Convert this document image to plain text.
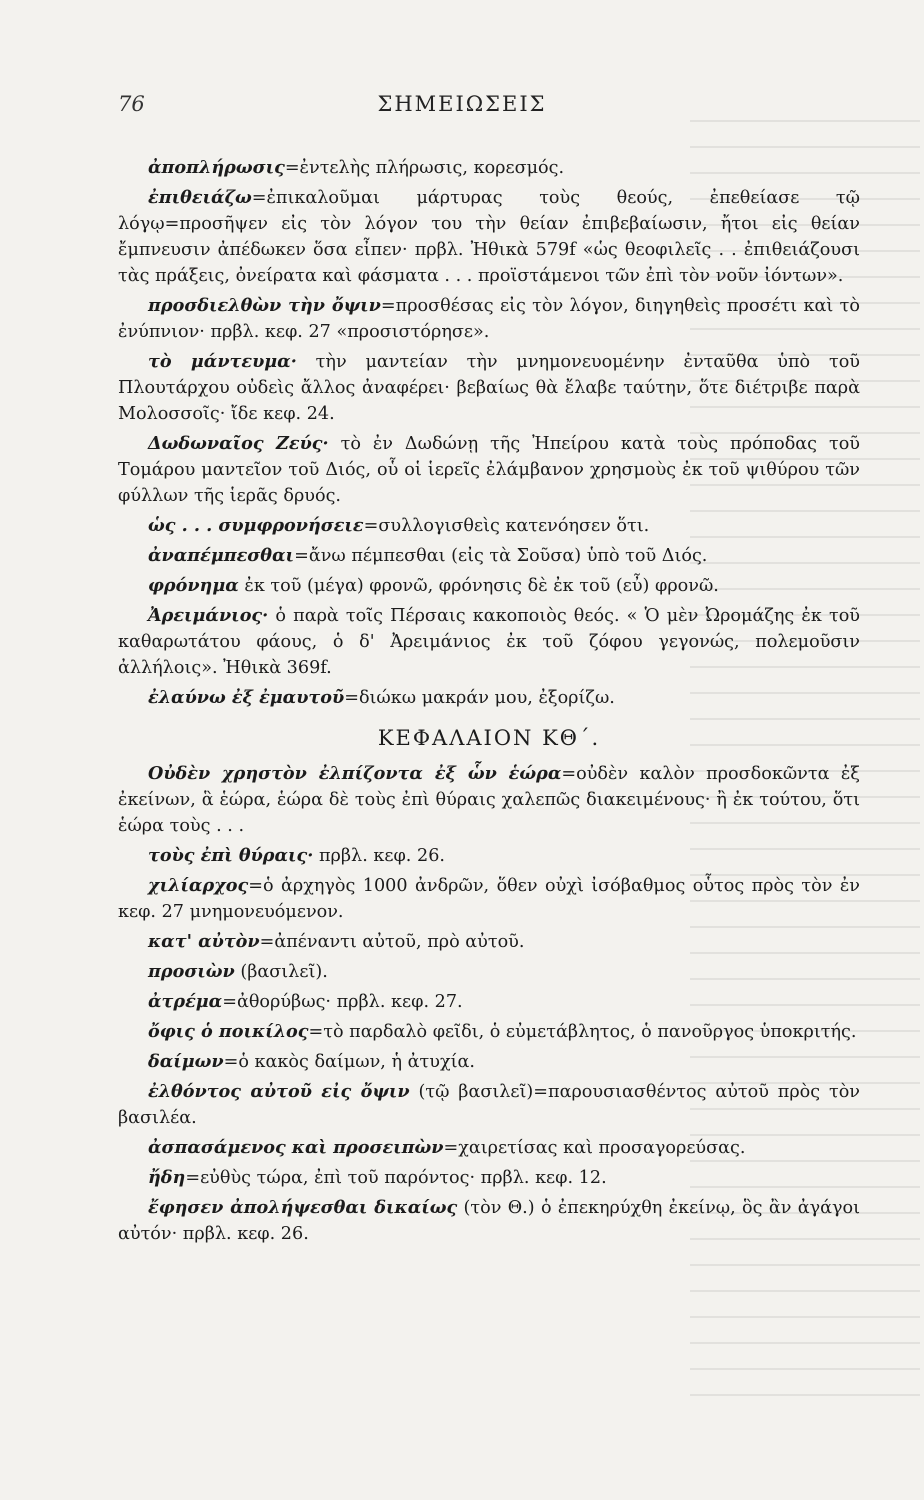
76	ΣΗΜΕΙΩΣΕΙΣ

ἀποπλήρωσις=ἐντελὴς πλήρωσις, κορεσμός.

ἐπιθειάζω=ἐπικαλοῦμαι μάρτυρας τοὺς θεούς, ἐπεθείασε τῷ λόγῳ=προσῆψεν εἰς τὸν λόγον του τὴν θείαν ἐπιβεβαίωσιν, ἤτοι εἰς θείαν ἔμπνευσιν ἀπέδωκεν ὅσα εἶπεν· πρβλ. Ἠθικὰ 579f «ὡς θεοφιλεῖς . . ἐπιθειάζουσι τὰς πράξεις, ὀνείρατα καὶ φάσματα . . . προϊστάμενοι τῶν ἐπὶ τὸν νοῦν ἰόντων».

προσδιελθὼν τὴν ὄψιν=προσθέσας εἰς τὸν λόγον, διηγηθεὶς προσέτι καὶ τὸ ἐνύπνιον· πρβλ. κεφ. 27 «προσιστόρησε».

τὸ μάντευμα· τὴν μαντείαν τὴν μνημονευομένην ἐνταῦθα ὑπὸ τοῦ Πλουτάρχου οὐδεὶς ἄλλος ἀναφέρει· βεβαίως θὰ ἔλαβε ταύτην, ὅτε διέτριβε παρὰ Μολοσσοῖς· ἴδε κεφ. 24.

Δωδωναῖος Ζεύς· τὸ ἐν Δωδώνῃ τῆς Ἠπείρου κατὰ τοὺς πρόποδας τοῦ Τομάρου μαντεῖον τοῦ Διός, οὗ οἱ ἱερεῖς ἐλάμβανον χρησμοὺς ἐκ τοῦ ψιθύρου τῶν φύλλων τῆς ἱερᾶς δρυός.

ὡς . . . συμφρονήσειε=συλλογισθεὶς κατενόησεν ὅτι.

ἀναπέμπεσθαι=ἄνω πέμπεσθαι (εἰς τὰ Σοῦσα) ὑπὸ τοῦ Διός.

φρόνημα ἐκ τοῦ (μέγα) φρονῶ, φρόνησις δὲ ἐκ τοῦ (εὖ) φρονῶ.

Ἀρειμάνιος· ὁ παρὰ τοῖς Πέρσαις κακοποιὸς θεός. « Ὁ μὲν Ὠρομάζης ἐκ τοῦ καθαρωτάτου φάους, ὁ δ' Ἀρειμάνιος ἐκ τοῦ ζόφου γεγονώς, πολεμοῦσιν ἀλλήλοις». Ἠθικὰ 369f.

ἐλαύνω ἐξ ἐμαυτοῦ=διώκω μακράν μου, ἐξορίζω.

ΚΕΦΑΛΑΙΟΝ ΚΘ΄.

Οὐδὲν χρηστὸν ἐλπίζοντα ἐξ ὧν ἑώρα=οὐδὲν καλὸν προσδοκῶντα ἐξ ἐκείνων, ἃ ἑώρα, ἑώρα δὲ τοὺς ἐπὶ θύραις χαλεπῶς διακειμένους· ἢ ἐκ τούτου, ὅτι ἑώρα τοὺς . . .

τοὺς ἐπὶ θύραις· πρβλ. κεφ. 26.

χιλίαρχος=ὁ ἀρχηγὸς 1000 ἀνδρῶν, ὅθεν οὐχὶ ἰσόβαθμος οὗτος πρὸς τὸν ἐν κεφ. 27 μνημονευόμενον.

κατ' αὐτὸν=ἀπέναντι αὐτοῦ, πρὸ αὐτοῦ.

προσιὼν (βασιλεῖ).

ἀτρέμα=ἀθορύβως· πρβλ. κεφ. 27.

ὄφις ὁ ποικίλος=τὸ παρδαλὸ φεῖδι, ὁ εὐμετάβλητος, ὁ πανοῦργος ὑποκριτής.

δαίμων=ὁ κακὸς δαίμων, ἡ ἀτυχία.

ἐλθόντος αὐτοῦ εἰς ὄψιν (τῷ βασιλεῖ)=παρουσιασθέντος αὐτοῦ πρὸς τὸν βασιλέα.

ἀσπασάμενος καὶ προσειπὼν=χαιρετίσας καὶ προσαγορεύσας.

ἤδη=εὐθὺς τώρα, ἐπὶ τοῦ παρόντος· πρβλ. κεφ. 12.

ἔφησεν ἀπολήψεσθαι δικαίως (τὸν Θ.) ὁ ἐπεκηρύχθη ἐκείνῳ, ὃς ἂν ἀγάγοι αὐτόν· πρβλ. κεφ. 26.
